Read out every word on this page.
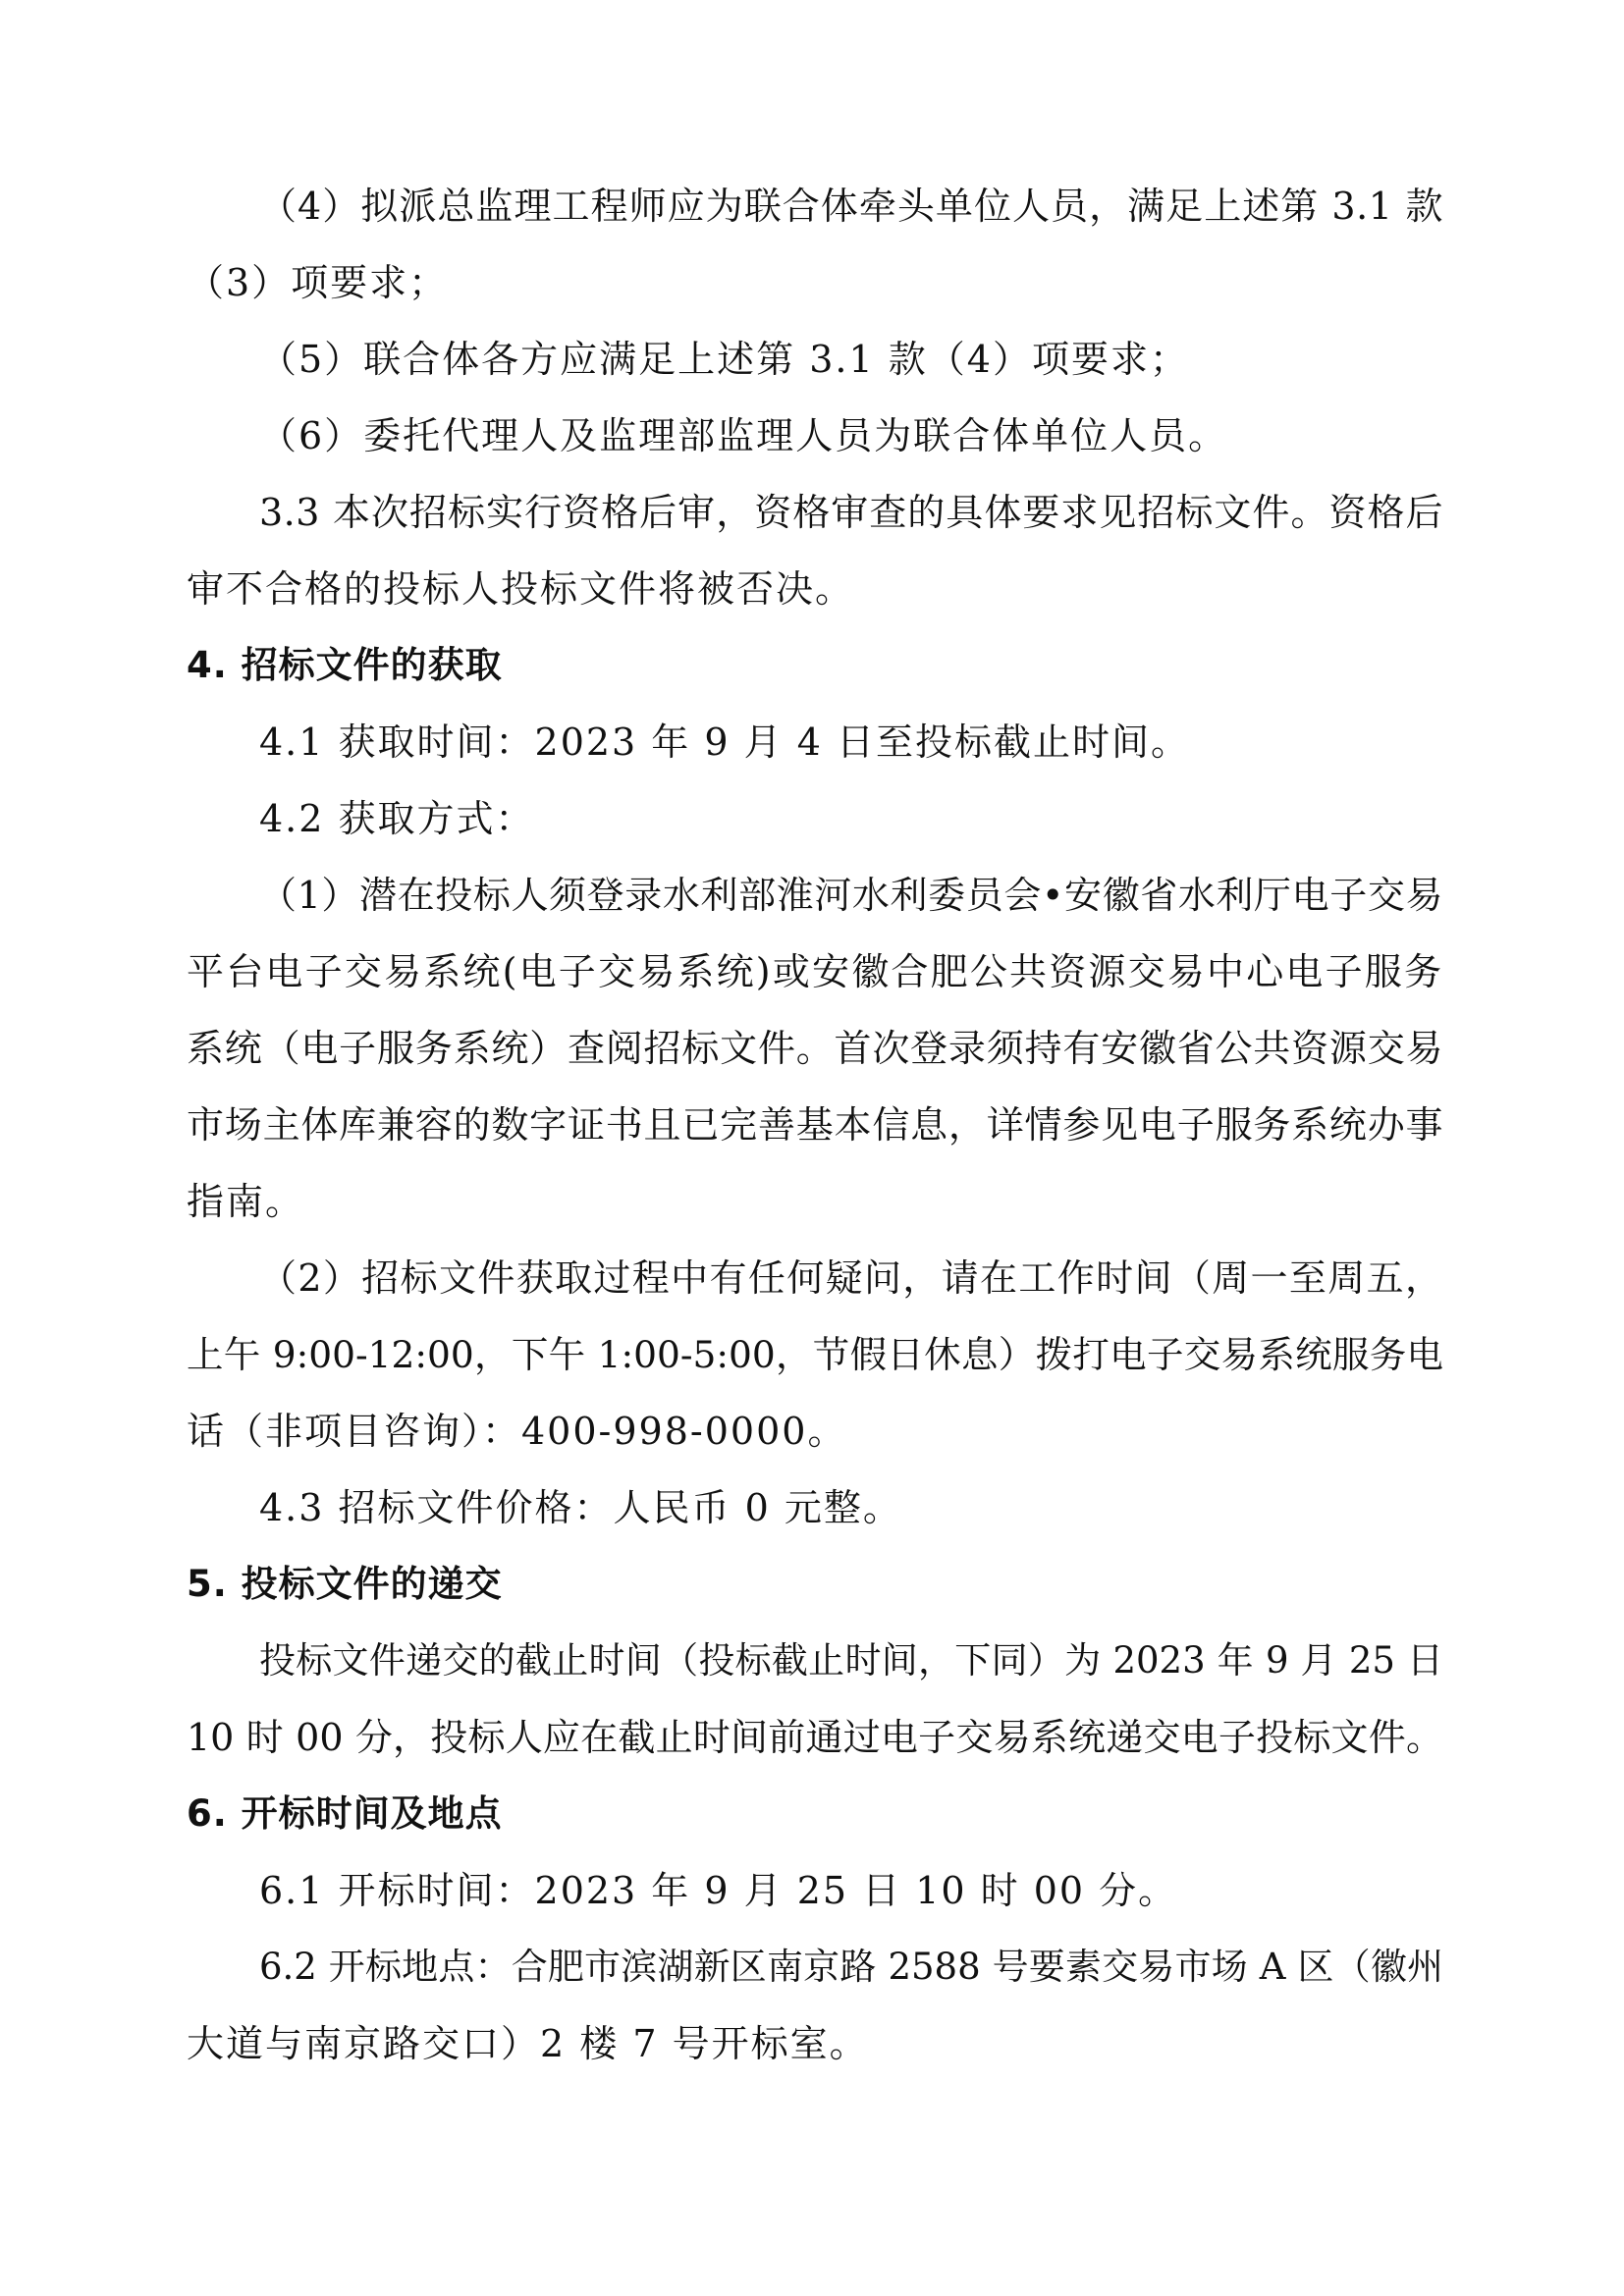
（4）拟派总监理工程师应为联合体牵头单位人员，满足上述第 3.1 款
（3）项要求；
（5）联合体各方应满足上述第 3.1 款（4）项要求；
（6）委托代理人及监理部监理人员为联合体单位人员。
3.3 本次招标实行资格后审，资格审查的具体要求见招标文件。资格后
审不合格的投标人投标文件将被否决。
4. 招标文件的获取
4.1 获取时间：2023 年 9 月 4 日至投标截止时间。
4.2 获取方式：
（1）潜在投标人须登录水利部淮河水利委员会•安徽省水利厅电子交易
平台电子交易系统(电子交易系统)或安徽合肥公共资源交易中心电子服务
系统（电子服务系统）查阅招标文件。首次登录须持有安徽省公共资源交易
市场主体库兼容的数字证书且已完善基本信息，详情参见电子服务系统办事
指南。
（2）招标文件获取过程中有任何疑问，请在工作时间（周一至周五，
上午 9:00-12:00，下午 1:00-5:00，节假日休息）拨打电子交易系统服务电
话（非项目咨询）：400-998-0000。
4.3 招标文件价格：人民币 0 元整。
5. 投标文件的递交
投标文件递交的截止时间（投标截止时间，下同）为 2023 年 9 月 25 日
10 时 00 分，投标人应在截止时间前通过电子交易系统递交电子投标文件。
6. 开标时间及地点
6.1 开标时间：2023 年 9 月 25 日 10 时 00 分。
6.2 开标地点：合肥市滨湖新区南京路 2588 号要素交易市场 A 区（徽州
大道与南京路交口）2 楼 7 号开标室。
